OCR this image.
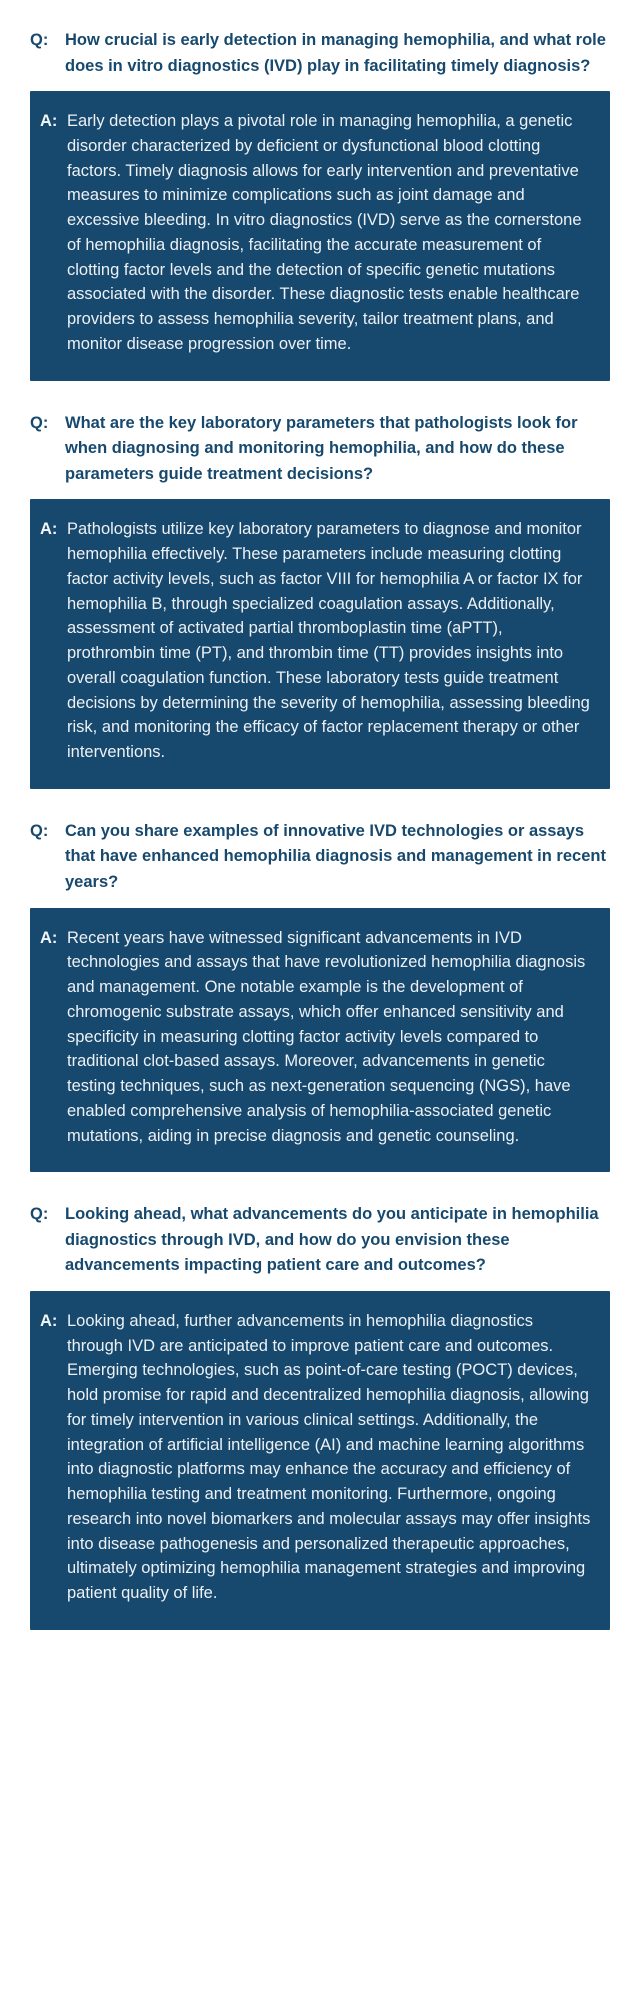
Q:	How crucial is early detection in managing hemophilia, and what role does in vitro diagnostics (IVD) play in facilitating timely diagnosis?

A: Early detection plays a pivotal role in managing hemophilia, a genetic disorder characterized by deficient or dysfunctional blood clotting factors. Timely diagnosis allows for early intervention and preventative measures to minimize complications such as joint damage and excessive bleeding. In vitro diagnostics (IVD) serve as the cornerstone of hemophilia diagnosis, facilitating the accurate measurement of clotting factor levels and the detection of specific genetic mutations associated with the disorder. These diagnostic tests enable healthcare providers to assess hemophilia severity, tailor treatment plans, and monitor disease progression over time.

Q:	What are the key laboratory parameters that pathologists look for when diagnosing and monitoring hemophilia, and how do these parameters guide treatment decisions?

A: Pathologists utilize key laboratory parameters to diagnose and monitor hemophilia effectively. These parameters include measuring clotting factor activity levels, such as factor VIII for hemophilia A or factor IX for hemophilia B, through specialized coagulation assays. Additionally, assessment of activated partial thromboplastin time (aPTT), prothrombin time (PT), and thrombin time (TT) provides insights into overall coagulation function. These laboratory tests guide treatment decisions by determining the severity of hemophilia, assessing bleeding risk, and monitoring the efficacy of factor replacement therapy or other interventions.

Q:	Can you share examples of innovative IVD technologies or assays that have enhanced hemophilia diagnosis and management in recent years?

A: Recent years have witnessed significant advancements in IVD technologies and assays that have revolutionized hemophilia diagnosis and management. One notable example is the development of chromogenic substrate assays, which offer enhanced sensitivity and specificity in measuring clotting factor activity levels compared to traditional clot-based assays. Moreover, advancements in genetic testing techniques, such as next-generation sequencing (NGS), have enabled comprehensive analysis of hemophilia-associated genetic mutations, aiding in precise diagnosis and genetic counseling.

Q:	Looking ahead, what advancements do you anticipate in hemophilia diagnostics through IVD, and how do you envision these advancements impacting patient care and outcomes?

A: Looking ahead, further advancements in hemophilia diagnostics through IVD are anticipated to improve patient care and outcomes. Emerging technologies, such as point-of-care testing (POCT) devices, hold promise for rapid and decentralized hemophilia diagnosis, allowing for timely intervention in various clinical settings. Additionally, the integration of artificial intelligence (AI) and machine learning algorithms into diagnostic platforms may enhance the accuracy and efficiency of hemophilia testing and treatment monitoring. Furthermore, ongoing research into novel biomarkers and molecular assays may offer insights into disease pathogenesis and personalized therapeutic approaches, ultimately optimizing hemophilia management strategies and improving patient quality of life.
